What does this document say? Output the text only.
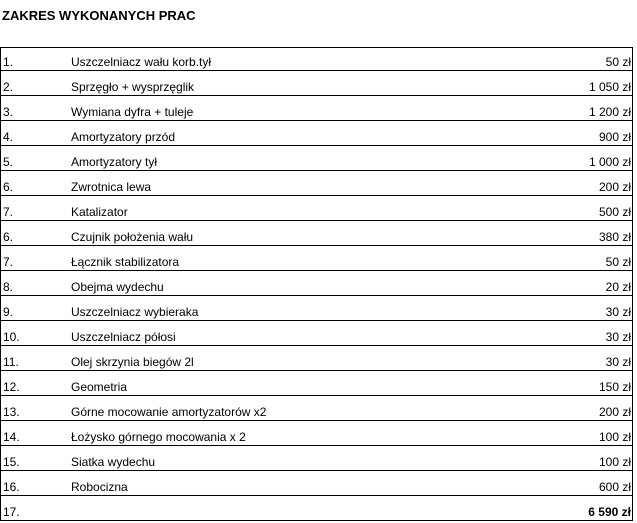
ZAKRES WYKONANYCH PRAC
1.	Uszczelniacz wału korb.tył	50 zł
2.	Sprzęgło + wysprzęglik	1 050 zł
3.	Wymiana dyfra + tuleje	1 200 zł
4.	Amortyzatory przód	900 zł
5.	Amortyzatory tył	1 000 zł
6.	Zwrotnica lewa	200 zł
7.	Katalizator	500 zł
6.	Czujnik położenia wału	380 zł
7.	Łącznik stabilizatora	50 zł
8.	Obejma wydechu	20 zł
9.	Uszczelniacz wybieraka	30 zł
10.	Uszczelniacz półosi	30 zł
11.	Olej skrzynia biegów 2l	30 zł
12.	Geometria	150 zł
13.	Górne mocowanie amortyzatorów x2	200 zł
14.	Łożysko górnego mocowania x 2	100 zł
15.	Siatka wydechu	100 zł
16.	Robocizna	600 zł
17.		6 590 zł
